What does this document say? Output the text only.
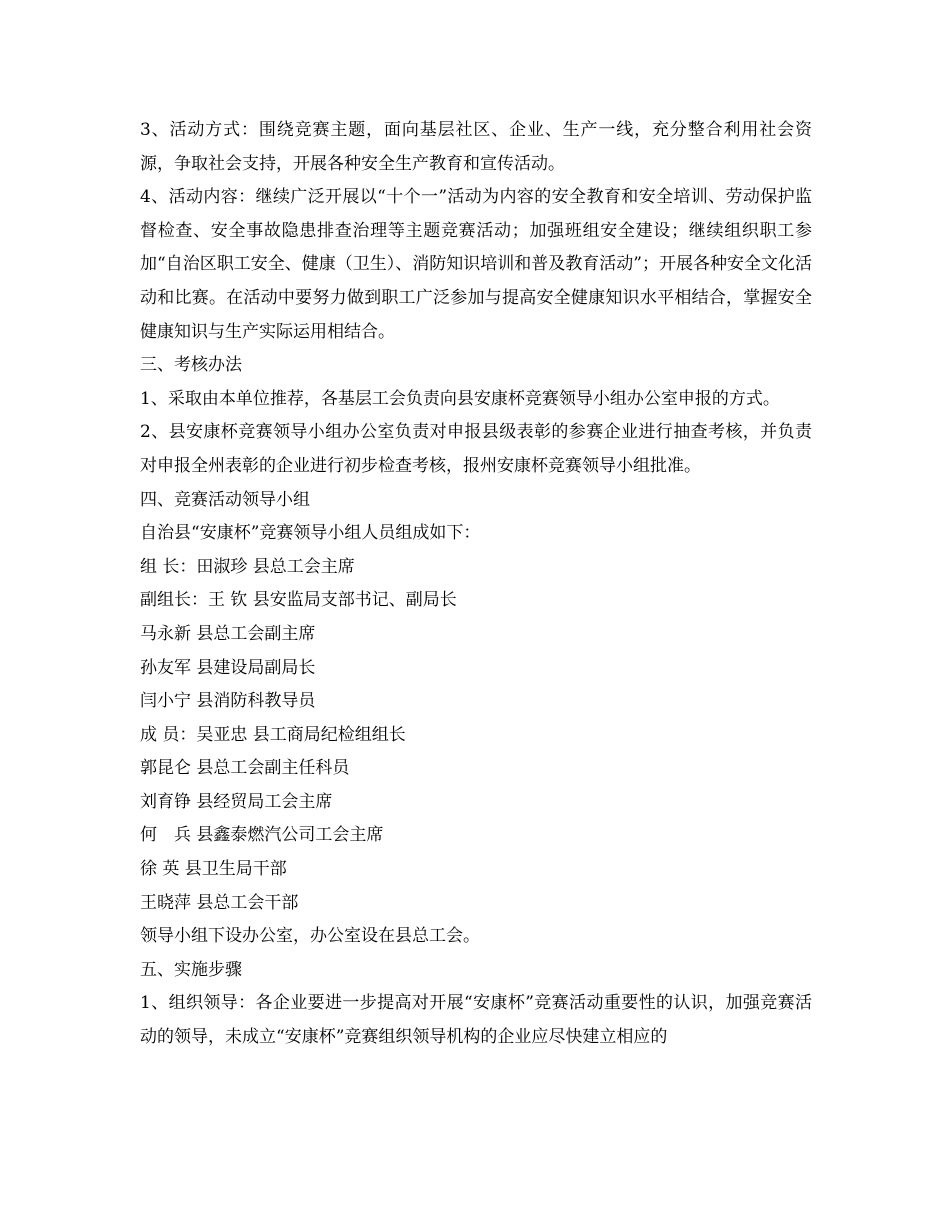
3、活动方式：围绕竞赛主题，面向基层社区、企业、生产一线，充分整合利用社会资源，争取社会支持，开展各种安全生产教育和宣传活动。

4、活动内容：继续广泛开展以“十个一”活动为内容的安全教育和安全培训、劳动保护监督检查、安全事故隐患排查治理等主题竞赛活动；加强班组安全建设；继续组织职工参加“自治区职工安全、健康（卫生）、消防知识培训和普及教育活动”；开展各种安全文化活动和比赛。在活动中要努力做到职工广泛参加与提高安全健康知识水平相结合，掌握安全健康知识与生产实际运用相结合。

三、考核办法

1、采取由本单位推荐，各基层工会负责向县安康杯竞赛领导小组办公室申报的方式。

2、县安康杯竞赛领导小组办公室负责对申报县级表彰的参赛企业进行抽查考核，并负责对申报全州表彰的企业进行初步检查考核，报州安康杯竞赛领导小组批准。

四、竞赛活动领导小组

自治县“安康杯”竞赛领导小组人员组成如下：

组 长：田淑珍 县总工会主席

副组长：王 钦 县安监局支部书记、副局长

马永新 县总工会副主席

孙友军 县建设局副局长

闫小宁 县消防科教导员

成 员：吴亚忠 县工商局纪检组组长

郭昆仑 县总工会副主任科员

刘育铮 县经贸局工会主席

何　兵 县鑫泰燃汽公司工会主席

徐 英 县卫生局干部

王晓萍 县总工会干部

领导小组下设办公室，办公室设在县总工会。

五、实施步骤

1、组织领导：各企业要进一步提高对开展“安康杯”竞赛活动重要性的认识，加强竞赛活动的领导，未成立“安康杯”竞赛组织领导机构的企业应尽快建立相应的
